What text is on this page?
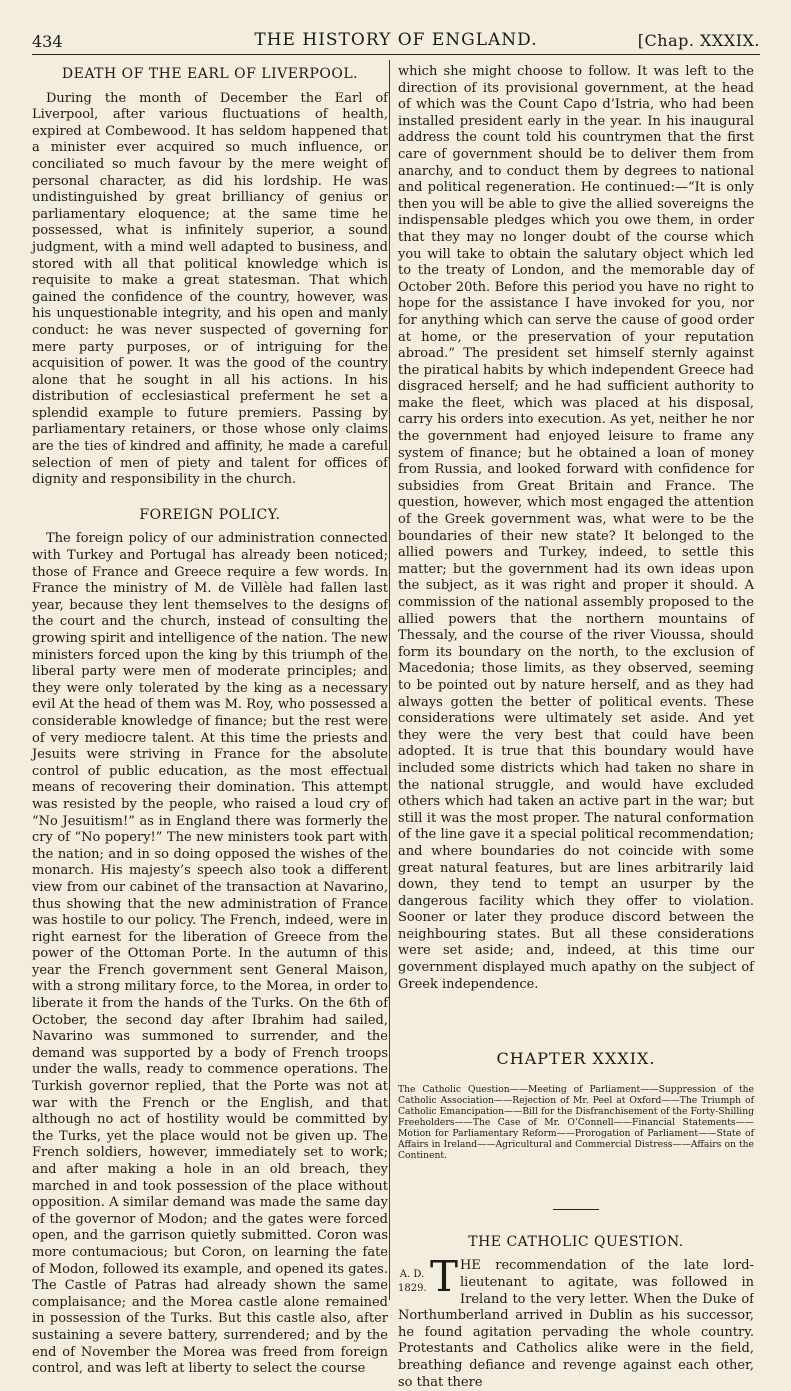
434	THE HISTORY OF ENGLAND.	[Chap. XXXIX.
DEATH OF THE EARL OF LIVERPOOL.

During the month of December the Earl of Liverpool, after various fluctuations of health, expired at Combewood. It has seldom happened that a minister ever acquired so much influence, or conciliated so much favour by the mere weight of personal character, as did his lordship. He was undistinguished by great brilliancy of genius or parliamentary eloquence; at the same time he possessed, what is infinitely superior, a sound judgment, with a mind well adapted to business, and stored with all that political knowledge which is requisite to make a great statesman. That which gained the confidence of the country, however, was his unquestionable integrity, and his open and manly conduct: he was never suspected of governing for mere party purposes, or of intriguing for the acquisition of power. It was the good of the country alone that he sought in all his actions. In his distribution of ecclesiastical preferment he set a splendid example to future premiers. Passing by parliamentary retainers, or those whose only claims are the ties of kindred and affinity, he made a careful selection of men of piety and talent for offices of dignity and responsibility in the church.

FOREIGN POLICY.

The foreign policy of our administration connected with Turkey and Portugal has already been noticed; those of France and Greece require a few words. In France the ministry of M. de Villèle had fallen last year, because they lent themselves to the designs of the court and the church, instead of consulting the growing spirit and intelligence of the nation. The new ministers forced upon the king by this triumph of the liberal party were men of moderate principles; and they were only tolerated by the king as a necessary evil At the head of them was M. Roy, who possessed a considerable knowledge of finance; but the rest were of very mediocre talent. At this time the priests and Jesuits were striving in France for the absolute control of public education, as the most effectual means of recovering their domination. This attempt was resisted by the people, who raised a loud cry of “No Jesuitism!” as in England there was formerly the cry of “No popery!” The new ministers took part with the nation; and in so doing opposed the wishes of the monarch. His majesty’s speech also took a different view from our cabinet of the transaction at Navarino, thus showing that the new administration of France was hostile to our policy. The French, indeed, were in right earnest for the liberation of Greece from the power of the Ottoman Porte. In the autumn of this year the French government sent General Maison, with a strong military force, to the Morea, in order to liberate it from the hands of the Turks. On the 6th of October, the second day after Ibrahim had sailed, Navarino was summoned to surrender, and the demand was supported by a body of French troops under the walls, ready to commence operations. The Turkish governor replied, that the Porte was not at war with the French or the English, and that although no act of hostility would be committed by the Turks, yet the place would not be given up. The French soldiers, however, immediately set to work; and after making a hole in an old breach, they marched in and took possession of the place without opposition. A similar demand was made the same day of the governor of Modon; and the gates were forced open, and the garrison quietly submitted. Coron was more contumacious; but Coron, on learning the fate of Modon, followed its example, and opened its gates. The Castle of Patras had already shown the same complaisance; and the Morea castle alone remained in possession of the Turks. But this castle also, after sustaining a severe battery, surrendered; and by the end of November the Morea was freed from foreign control, and was left at liberty to select the course

which she might choose to follow. It was left to the direction of its provisional government, at the head of which was the Count Capo d’Istria, who had been installed president early in the year. In his inaugural address the count told his countrymen that the first care of government should be to deliver them from anarchy, and to conduct them by degrees to national and political regeneration. He continued:—“It is only then you will be able to give the allied sovereigns the indispensable pledges which you owe them, in order that they may no longer doubt of the course which you will take to obtain the salutary object which led to the treaty of London, and the memorable day of October 20th. Before this period you have no right to hope for the assistance I have invoked for you, nor for anything which can serve the cause of good order at home, or the preservation of your reputation abroad.” The president set himself sternly against the piratical habits by which independent Greece had disgraced herself; and he had sufficient authority to make the fleet, which was placed at his disposal, carry his orders into execution. As yet, neither he nor the government had enjoyed leisure to frame any system of finance; but he obtained a loan of money from Russia, and looked forward with confidence for subsidies from Great Britain and France. The question, however, which most engaged the attention of the Greek government was, what were to be the boundaries of their new state? It belonged to the allied powers and Turkey, indeed, to settle this matter; but the government had its own ideas upon the subject, as it was right and proper it should. A commission of the national assembly proposed to the allied powers that the northern mountains of Thessaly, and the course of the river Vioussa, should form its boundary on the north, to the exclusion of Macedonia; those limits, as they observed, seeming to be pointed out by nature herself, and as they had always gotten the better of political events. These considerations were ultimately set aside. And yet they were the very best that could have been adopted. It is true that this boundary would have included some districts which had taken no share in the national struggle, and would have excluded others which had taken an active part in the war; but still it was the most proper. The natural conformation of the line gave it a special political recommendation; and where boundaries do not coincide with some great natural features, but are lines arbitrarily laid down, they tend to tempt an usurper by the dangerous facility which they offer to violation. Sooner or later they produce discord between the neighbouring states. But all these considerations were set aside; and, indeed, at this time our government displayed much apathy on the subject of Greek independence.

CHAPTER XXXIX.

The Catholic Question——Meeting of Parliament——Suppression of the Catholic Association——Rejection of Mr. Peel at Oxford——The Triumph of Catholic Emancipation——Bill for the Disfranchisement of the Forty-Shilling Freeholders——The Case of Mr. O’Connell——Financial Statements——Motion for Parliamentary Reform——Prorogation of Parliament——State of Affairs in Ireland——Agricultural and Commercial Distress——Affairs on the Continent.

THE CATHOLIC QUESTION.
A. D.
1829. T HE recommendation of the late lord-lieutenant to agitate, was followed in Ireland to the very letter. When the Duke of Northumberland arrived in Dublin as his successor, he found agitation pervading the whole country. Protestants and Catholics alike were in the field, breathing defiance and revenge against each other, so that there
